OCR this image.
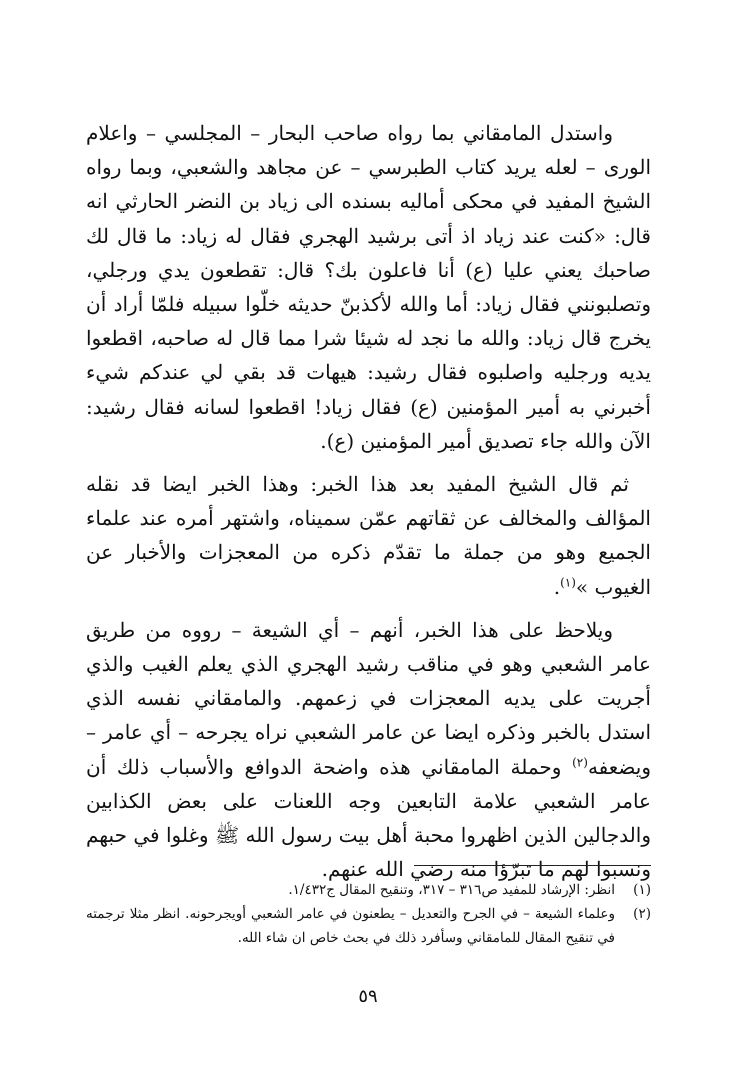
واستدل المامقاني بما رواه صاحب البحار – المجلسي – واعلام الورى – لعله يريد كتاب الطبرسي – عن مجاهد والشعبي، وبما رواه الشيخ المفيد في محكى أماليه بسنده الى زياد بن النضر الحارثي انه قال: «كنت عند زياد اذ أتى برشيد الهجري فقال له زياد: ما قال لك صاحبك يعني عليا (ع) أنا فاعلون بك؟ قال: تقطعون يدي ورجلي، وتصلبونني فقال زياد: أما والله لأكذبنّ حديثه خلّوا سبيله فلمّا أراد أن يخرج قال زياد: والله ما نجد له شيئا شرا مما قال له صاحبه، اقطعوا يديه ورجليه واصلبوه فقال رشيد: هيهات قد بقي لي عندكم شيء أخبرني به أمير المؤمنين (ع) فقال زياد! اقطعوا لسانه فقال رشيد: الآن والله جاء تصديق أمير المؤمنين (ع).

ثم قال الشيخ المفيد بعد هذا الخبر: وهذا الخبر ايضا قد نقله المؤالف والمخالف عن ثقاتهم عمّن سميناه، واشتهر أمره عند علماء الجميع وهو من جملة ما تقدّم ذكره من المعجزات والأخبار عن الغيوب »$^{(١)}$.

ويلاحظ على هذا الخبر، أنهم – أي الشيعة – رووه من طريق عامر الشعبي وهو في مناقب رشيد الهجري الذي يعلم الغيب والذي أجريت على يديه المعجزات في زعمهم. والمامقاني نفسه الذي استدل بالخبر وذكره ايضا عن عامر الشعبي نراه يجرحه – أي عامر – ويضعفه$^{(٢)}$ وحملة المامقاني هذه واضحة الدوافع والأسباب ذلك أن عامر الشعبي علامة التابعين وجه اللعنات على بعض الكذابين والدجالين الذين اظهروا محبة أهل بيت رسول الله ﷺ وغلوا في حبهم ونسبوا لهم ما تبرّؤا منه رضي الله عنهم.

(١)
انظر: الإرشاد للمفيد ص٣١٦ – ٣١٧، وتنقيح المقال ج١/٤٣٢.
(٢)
وعلماء الشيعة – في الجرح والتعديل – يطعنون في عامر الشعبي أويجرحونه. انظر مثلا ترجمته في تنقيح المقال للمامقاني وسأفرد ذلك في بحث خاص ان شاء الله.
٥٩
